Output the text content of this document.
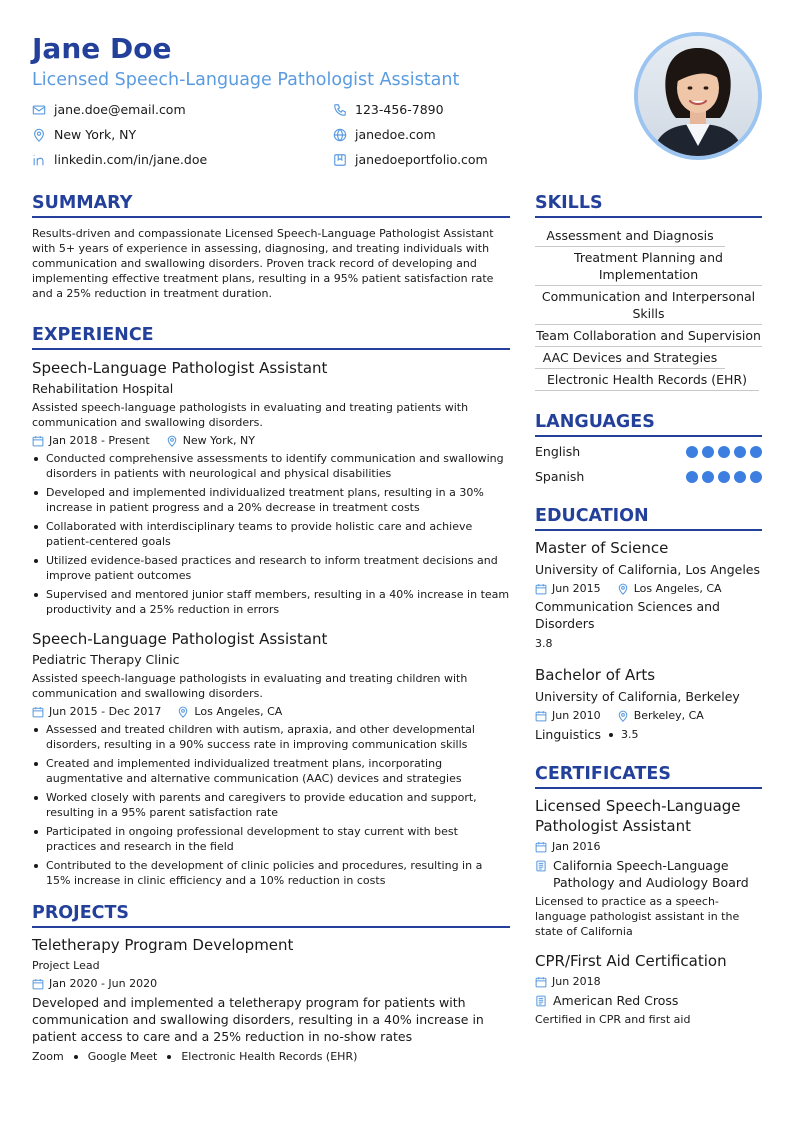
Jane Doe
Licensed Speech-Language Pathologist Assistant
jane.doe@email.com	123-456-7890
New York, NY	janedoe.com
linkedin.com/in/jane.doe	janedoeportfolio.com
SUMMARY
Results-driven and compassionate Licensed Speech-Language Pathologist Assistant with 5+ years of experience in assessing, diagnosing, and treating individuals with communication and swallowing disorders. Proven track record of developing and implementing effective treatment plans, resulting in a 95% patient satisfaction rate and a 25% reduction in treatment duration.
EXPERIENCE
Speech-Language Pathologist Assistant
Rehabilitation Hospital
Assisted speech-language pathologists in evaluating and treating patients with communication and swallowing disorders.
Jan 2018 - Present	New York, NY
Conducted comprehensive assessments to identify communication and swallowing disorders in patients with neurological and physical disabilities
Developed and implemented individualized treatment plans, resulting in a 30% increase in patient progress and a 20% decrease in treatment costs
Collaborated with interdisciplinary teams to provide holistic care and achieve patient-centered goals
Utilized evidence-based practices and research to inform treatment decisions and improve patient outcomes
Supervised and mentored junior staff members, resulting in a 40% increase in team productivity and a 25% reduction in errors
Speech-Language Pathologist Assistant
Pediatric Therapy Clinic
Assisted speech-language pathologists in evaluating and treating children with communication and swallowing disorders.
Jun 2015 - Dec 2017	Los Angeles, CA
Assessed and treated children with autism, apraxia, and other developmental disorders, resulting in a 90% success rate in improving communication skills
Created and implemented individualized treatment plans, incorporating augmentative and alternative communication (AAC) devices and strategies
Worked closely with parents and caregivers to provide education and support, resulting in a 95% parent satisfaction rate
Participated in ongoing professional development to stay current with best practices and research in the field
Contributed to the development of clinic policies and procedures, resulting in a 15% increase in clinic efficiency and a 10% reduction in costs
PROJECTS
Teletherapy Program Development
Project Lead
Jan 2020 - Jun 2020
Developed and implemented a teletherapy program for patients with communication and swallowing disorders, resulting in a 40% increase in patient access to care and a 25% reduction in no-show rates
Zoom Google Meet Electronic Health Records (EHR)
SKILLS
Assessment and Diagnosis
Treatment Planning and Implementation
Communication and Interpersonal Skills
Team Collaboration and Supervision
AAC Devices and Strategies
Electronic Health Records (EHR)
LANGUAGES
English
Spanish
EDUCATION
Master of Science
University of California, Los Angeles
Jun 2015	Los Angeles, CA
Communication Sciences and Disorders
3.8
Bachelor of Arts
University of California, Berkeley
Jun 2010	Berkeley, CA
Linguistics 3.5
CERTIFICATES
Licensed Speech-Language Pathologist Assistant
Jan 2016
California Speech-Language Pathology and Audiology Board
Licensed to practice as a speech-language pathologist assistant in the state of California
CPR/First Aid Certification
Jun 2018
American Red Cross
Certified in CPR and first aid
